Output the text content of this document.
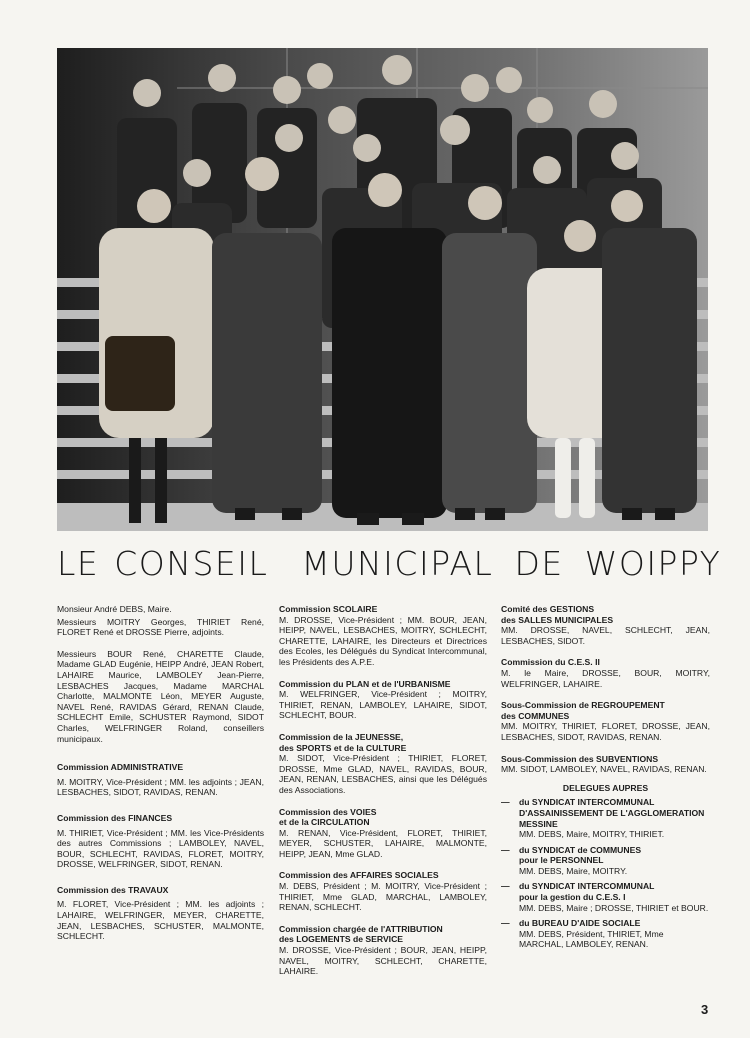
LE CONSEIL MUNICIPAL DE WOIPPY

Monsieur André DEBS, Maire.

Messieurs MOITRY Georges, THIRIET René, FLORET René et DROSSE Pierre, adjoints.

Messieurs BOUR René, CHARETTE Claude, Madame GLAD Eugénie, HEIPP André, JEAN Robert, LAHAIRE Maurice, LAMBOLEY Jean-Pierre, LESBACHES Jacques, Madame MARCHAL Charlotte, MALMONTE Léon, MEYER Auguste, NAVEL René, RAVIDAS Gérard, RENAN Claude, SCHLECHT Emile, SCHUSTER Raymond, SIDOT Charles, WELFRINGER Roland, conseillers municipaux.

Commission ADMINISTRATIVE
M. MOITRY, Vice-Président ; MM. les adjoints ; JEAN, LESBACHES, SIDOT, RAVIDAS, RENAN.
Commission des FINANCES
M. THIRIET, Vice-Président ; MM. les Vice-Présidents des autres Commissions ; LAMBOLEY, NAVEL, BOUR, SCHLECHT, RAVIDAS, FLORET, MOITRY, DROSSE, WELFRINGER, SIDOT, RENAN.
Commission des TRAVAUX
M. FLORET, Vice-Président ; MM. les adjoints ; LAHAIRE, WELFRINGER, MEYER, CHARETTE, JEAN, LESBACHES, SCHUSTER, MALMONTE, SCHLECHT.
Commission SCOLAIRE
M. DROSSE, Vice-Président ; MM. BOUR, JEAN, HEIPP, NAVEL, LESBACHES, MOITRY, SCHLECHT, CHARETTE, LAHAIRE, les Directeurs et Directrices des Ecoles, les Délégués du Syndicat Intercommunal, les Présidents des A.P.E.
Commission du PLAN et de l'URBANISME
M. WELFRINGER, Vice-Président ; MOITRY, THIRIET, RENAN, LAMBOLEY, LAHAIRE, SIDOT, SCHLECHT, BOUR.
Commission de la JEUNESSE,
des SPORTS et de la CULTURE
M. SIDOT, Vice-Président ; THIRIET, FLORET, DROSSE, Mme GLAD, NAVEL, RAVIDAS, BOUR, JEAN, RENAN, LESBACHES, ainsi que les Délégués des Associations.
Commission des VOIES
et de la CIRCULATION
M. RENAN, Vice-Président, FLORET, THIRIET, MEYER, SCHUSTER, LAHAIRE, MALMONTE, HEIPP, JEAN, Mme GLAD.
Commission des AFFAIRES SOCIALES
M. DEBS, Président ; M. MOITRY, Vice-Président ; THIRIET, Mme GLAD, MARCHAL, LAMBOLEY, RENAN, SCHLECHT.
Commission chargée de l'ATTRIBUTION
des LOGEMENTS de SERVICE
M. DROSSE, Vice-Président ; BOUR, JEAN, HEIPP, NAVEL, MOITRY, SCHLECHT, CHARETTE, LAHAIRE.
Comité des GESTIONS
des SALLES MUNICIPALES
MM. DROSSE, NAVEL, SCHLECHT, JEAN, LESBACHES, SIDOT.
Commission du C.E.S. II
M. le Maire, DROSSE, BOUR, MOITRY, WELFRINGER, LAHAIRE.
Sous-Commission de REGROUPEMENT
des COMMUNES
MM. MOITRY, THIRIET, FLORET, DROSSE, JEAN, LESBACHES, SIDOT, RAVIDAS, RENAN.
Sous-Commission des SUBVENTIONS
MM. SIDOT, LAMBOLEY, NAVEL, RAVIDAS, RENAN.
DELEGUES AUPRES
— du SYNDICAT INTERCOMMUNAL
D'ASSAINISSEMENT DE L'AGGLOMERATION MESSINE
MM. DEBS, Maire, MOITRY, THIRIET.
— du SYNDICAT de COMMUNES
pour le PERSONNEL
MM. DEBS, Maire, MOITRY.
— du SYNDICAT INTERCOMMUNAL
pour la gestion du C.E.S. I
MM. DEBS, Maire ; DROSSE, THIRIET et BOUR.
— du BUREAU D'AIDE SOCIALE
MM. DEBS, Président, THIRIET, Mme MARCHAL, LAMBOLEY, RENAN.
3
